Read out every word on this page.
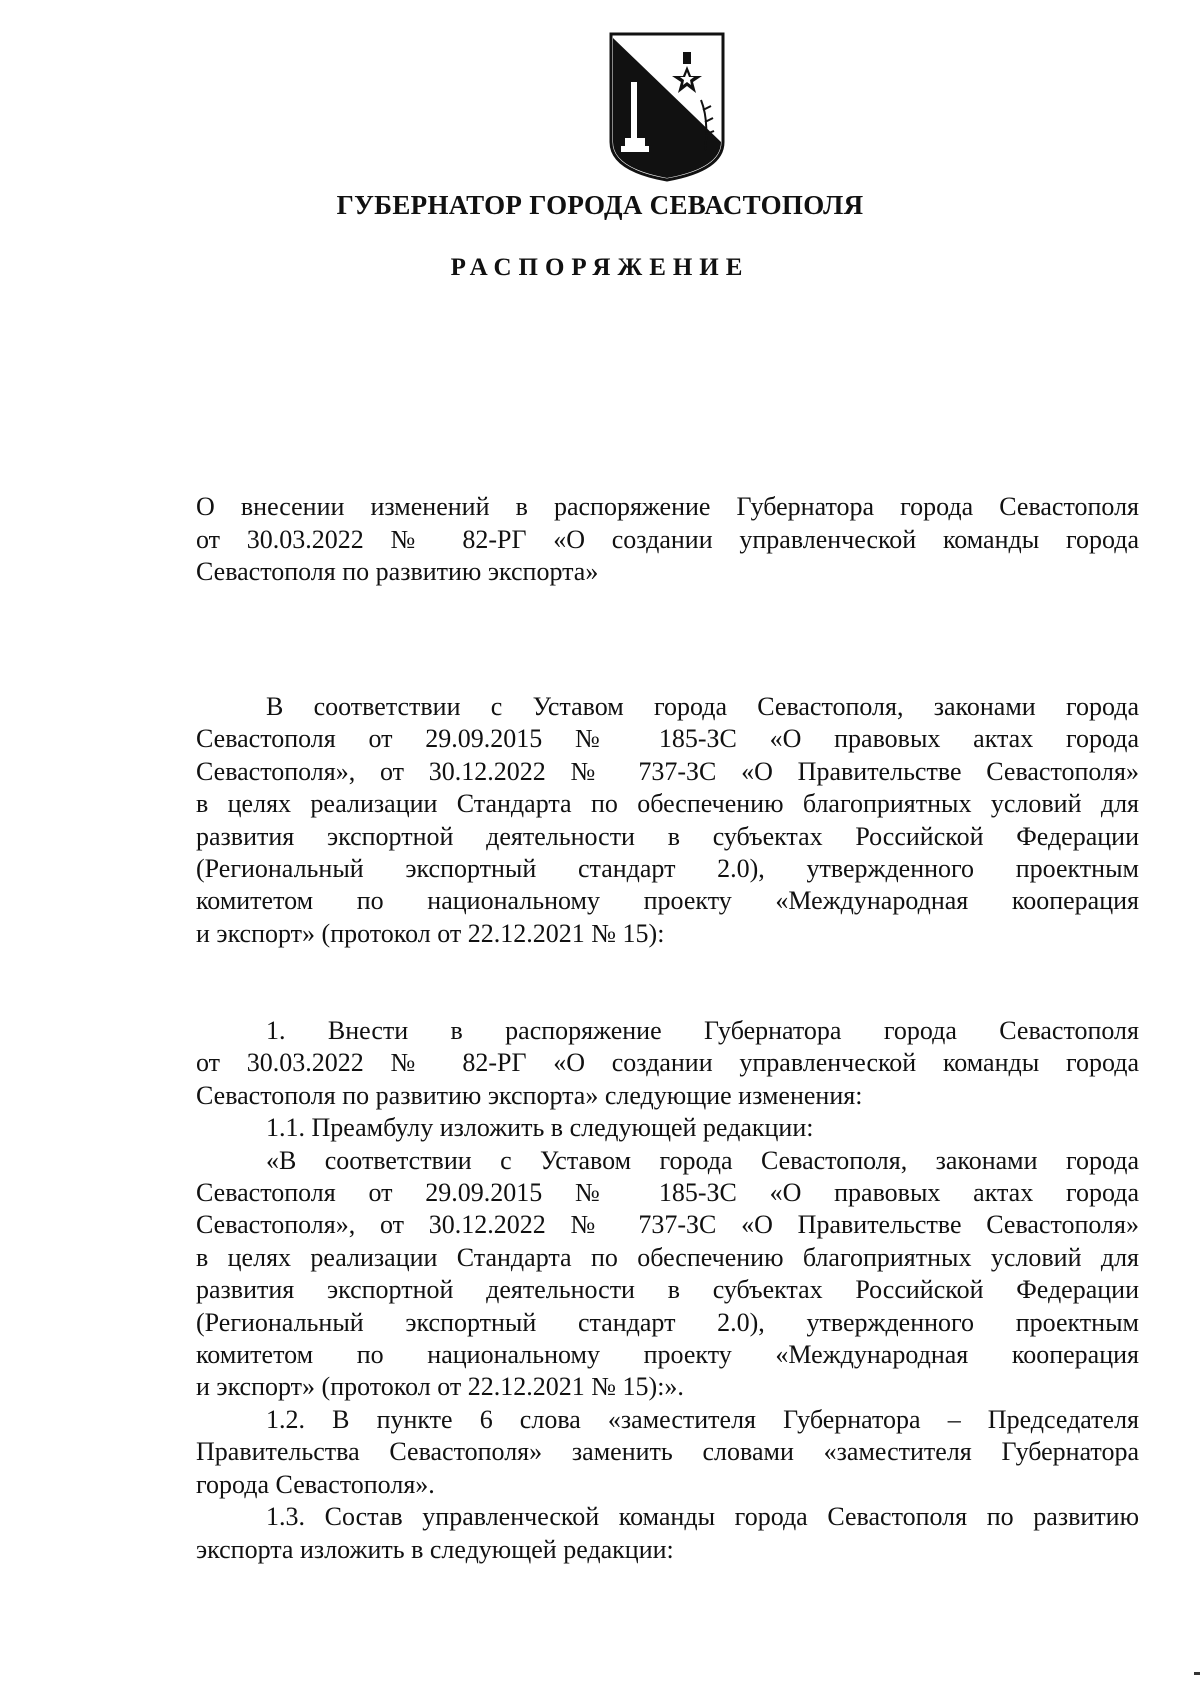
ГУБЕРНАТОР ГОРОДА СЕВАСТОПОЛЯ
РАСПОРЯЖЕНИЕ
О внесении изменений в распоряжение Губернатора города Севастополя
от 30.03.2022 № 82-РГ «О создании управленческой команды города
Севастополя по развитию экспорта»
В соответствии с Уставом города Севастополя, законами города
Севастополя от 29.09.2015 № 185-ЗС «О правовых актах города
Севастополя», от 30.12.2022 № 737-ЗС «О Правительстве Севастополя»
в целях реализации Стандарта по обеспечению благоприятных условий для
развития экспортной деятельности в субъектах Российской Федерации
(Региональный экспортный стандарт 2.0), утвержденного проектным
комитетом по национальному проекту «Международная кооперация
и экспорт» (протокол от 22.12.2021 № 15):
1. Внести в распоряжение Губернатора города Севастополя
от 30.03.2022 № 82-РГ «О создании управленческой команды города
Севастополя по развитию экспорта» следующие изменения:
1.1. Преамбулу изложить в следующей редакции:
«В соответствии с Уставом города Севастополя, законами города
Севастополя от 29.09.2015 № 185-ЗС «О правовых актах города
Севастополя», от 30.12.2022 № 737-ЗС «О Правительстве Севастополя»
в целях реализации Стандарта по обеспечению благоприятных условий для
развития экспортной деятельности в субъектах Российской Федерации
(Региональный экспортный стандарт 2.0), утвержденного проектным
комитетом по национальному проекту «Международная кооперация
и экспорт» (протокол от 22.12.2021 № 15):».
1.2. В пункте 6 слова «заместителя Губернатора – Председателя
Правительства Севастополя» заменить словами «заместителя Губернатора
города Севастополя».
1.3. Состав управленческой команды города Севастополя по развитию
экспорта изложить в следующей редакции:
